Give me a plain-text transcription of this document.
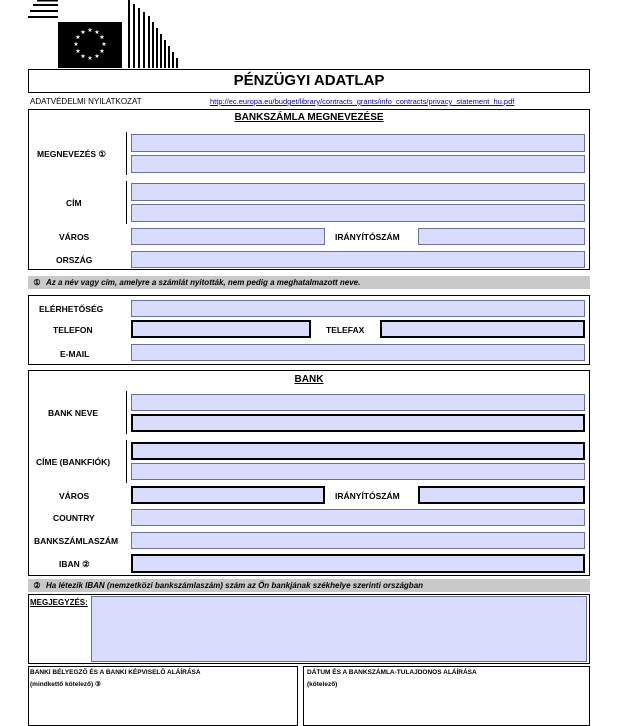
★ ★
★
★
★
★
★
★
★
★
★
★
PÉNZÜGYI ADATLAP
ADATVÉDELMI NYILATKOZAT	http://ec.europa.eu/budget/library/contracts_grants/info_contracts/privacy_statement_hu.pdf
BANKSZÁMLA MEGNEVEZÉSE
MEGNEVEZÉS ①
CÍM
VÁROS	IRÁNYÍTÓSZÁM
ORSZÁG
① Az a név vagy cím, amelyre a számlát nyitották, nem pedig a meghatalmazott neve.
ELÉRHETŐSÉG
TELEFON	TELEFAX
E-MAIL
BANK
BANK NEVE
CÍME (BANKFIÓK)
VÁROS	IRÁNYÍTÓSZÁM
COUNTRY
BANKSZÁMLASZÁM
IBAN ②
② Ha létezik IBAN (nemzetközi bankszámlaszám) szám az Ön bankjának székhelye szerinti országban
MEGJEGYZÉS:
BANKI BÉLYEGZŐ ÉS A BANKI KÉPVISELŐ ALÁÍRÁSA
(mindkettő kötelező) ③
DÁTUM ÉS A BANKSZÁMLA-TULAJDONOS ALÁÍRÁSA
(kötelező)
